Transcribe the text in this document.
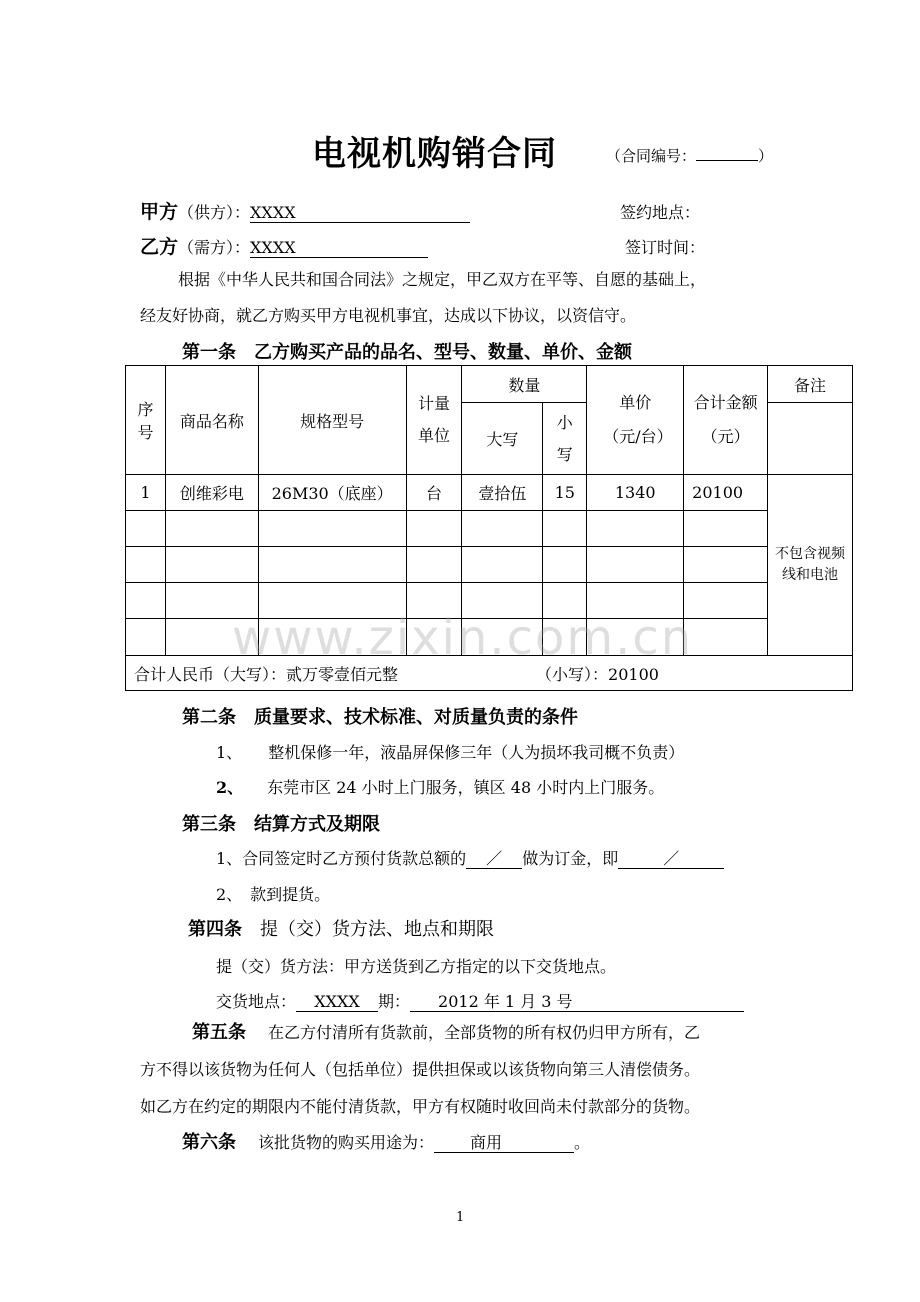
电视机购销合同	（合同编号：	）
甲方（供方）：XXXX	签约地点：
乙方（需方）：XXXX	签订时间：
根据《中华人民共和国合同法》之规定，甲乙双方在平等、自愿的基础上，
经友好协商，就乙方购买甲方电视机事宜，达成以下协议，以资信守。
第一条　乙方购买产品的品名、型号、数量、单价、金额
序号	商品名称	规格型号	计量单位	数量		单价（元/台）	合计金额（元）	备注
				大写	小写			
1	创维彩电	26M30（底座）	台	壹拾伍	15	1340	20100	不包含视频线和电池

合计人民币（大写）：贰万零壹佰元整 （小写）：20100								
www.zixin.com.cn
第二条　质量要求、技术标准、对质量负责的条件
1、 整机保修一年，液晶屏保修三年（人为损坏我司概不负责）
2、 东莞市区 24 小时上门服务，镇区 48 小时内上门服务。
第三条　结算方式及期限
1、合同签定时乙方预付货款总额的 ／ 做为订金，即	／
2、　款到提货。
第四条 提（交）货方法、地点和期限
提（交）货方法：甲方送货到乙方指定的以下交货地点。
交货地点： XXXX 期： 2012 年 1 月 3 号
第五条 在乙方付清所有货款前，全部货物的所有权仍归甲方所有，乙
方不得以该货物为任何人（包括单位）提供担保或以该货物向第三人清偿债务。
如乙方在约定的期限内不能付清货款，甲方有权随时收回尚未付款部分的货物。
第六条 该批货物的购买用途为： 商用	。
1
